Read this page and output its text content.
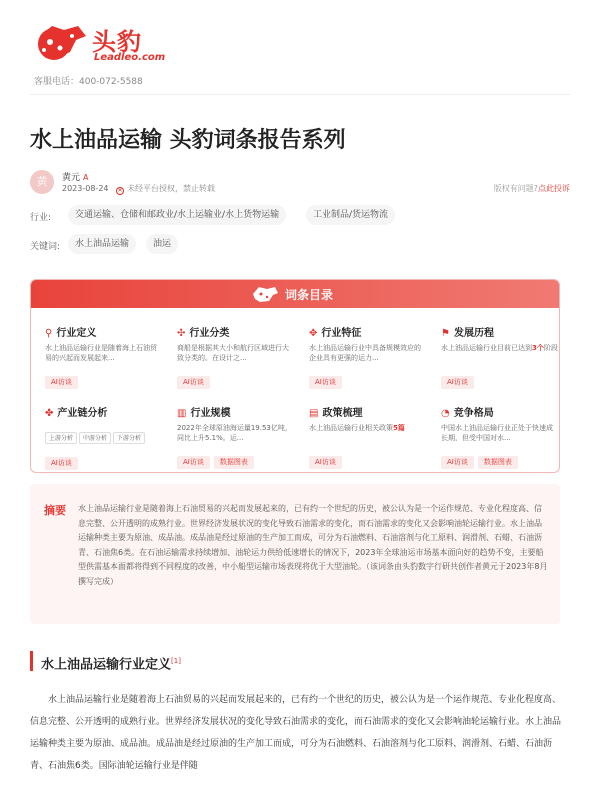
头豹
Leadleo.com
客服电话：400-072-5588
水上油品运输 头豹词条报告系列
黄	黄元 A
2023-08-24 ✕ 未经平台授权，禁止转载	版权有问题?点此投诉
行业:	交通运输、仓储和邮政业/水上运输业/水上货物运输	工业制品/货运物流
关键词:	水上油品运输	油运
词条目录
⚲ 行业定义
水上油品运输行业是随着海上石油贸易的兴起而发展起来...
AI访谈
✣ 行业分类
商船是根据其大小和航行区域进行大致分类的。在设计之...
AI访谈
✥ 行业特征
水上油品运输行业中具备规模效应的企业具有更强的运力...
AI访谈
⚑ 发展历程
水上油品运输行业目前已达到3个阶段
AI访谈
✤ 产业链分析
上游分析 中游分析 下游分析
AI访谈
▥ 行业规模
2022年全球原油海运量19.53亿吨，同比上升5.1%。运...
AI访谈 数据图表
▤ 政策梳理
水上油品运输行业相关政策5篇
AI访谈
◔ 竞争格局
中国水上油品运输行业正处于快速成长期，但受中国对水...
AI访谈 数据图表
摘要 水上油品运输行业是随着海上石油贸易的兴起而发展起来的，已有约一个世纪的历史，被公认为是一个运作规范、专业化程度高、信息完整、公开透明的成熟行业。世界经济发展状况的变化导致石油需求的变化，而石油需求的变化又会影响油轮运输行业。水上油品运输种类主要为原油、成品油。成品油是经过原油的生产加工而成，可分为石油燃料、石油溶剂与化工原料、润滑剂、石蜡、石油沥青、石油焦6类。在石油运输需求持续增加、油轮运力供给低速增长的情况下，2023年全球油运市场基本面向好的趋势不变，主要船型供需基本面都将得到不同程度的改善，中小船型运输市场表现将优于大型油轮。（该词条由头豹数字行研共创作者黄元于2023年8月撰写完成）
水上油品运输行业定义[1]
水上油品运输行业是随着海上石油贸易的兴起而发展起来的，已有约一个世纪的历史，被公认为是一个运作规范、专业化程度高、信息完整、公开透明的成熟行业。世界经济发展状况的变化导致石油需求的变化，而石油需求的变化又会影响油轮运输行业。水上油品运输种类主要为原油、成品油。成品油是经过原油的生产加工而成，可分为石油燃料、石油溶剂与化工原料、润滑剂、石蜡、石油沥青、石油焦6类。国际油轮运输行业是伴随
